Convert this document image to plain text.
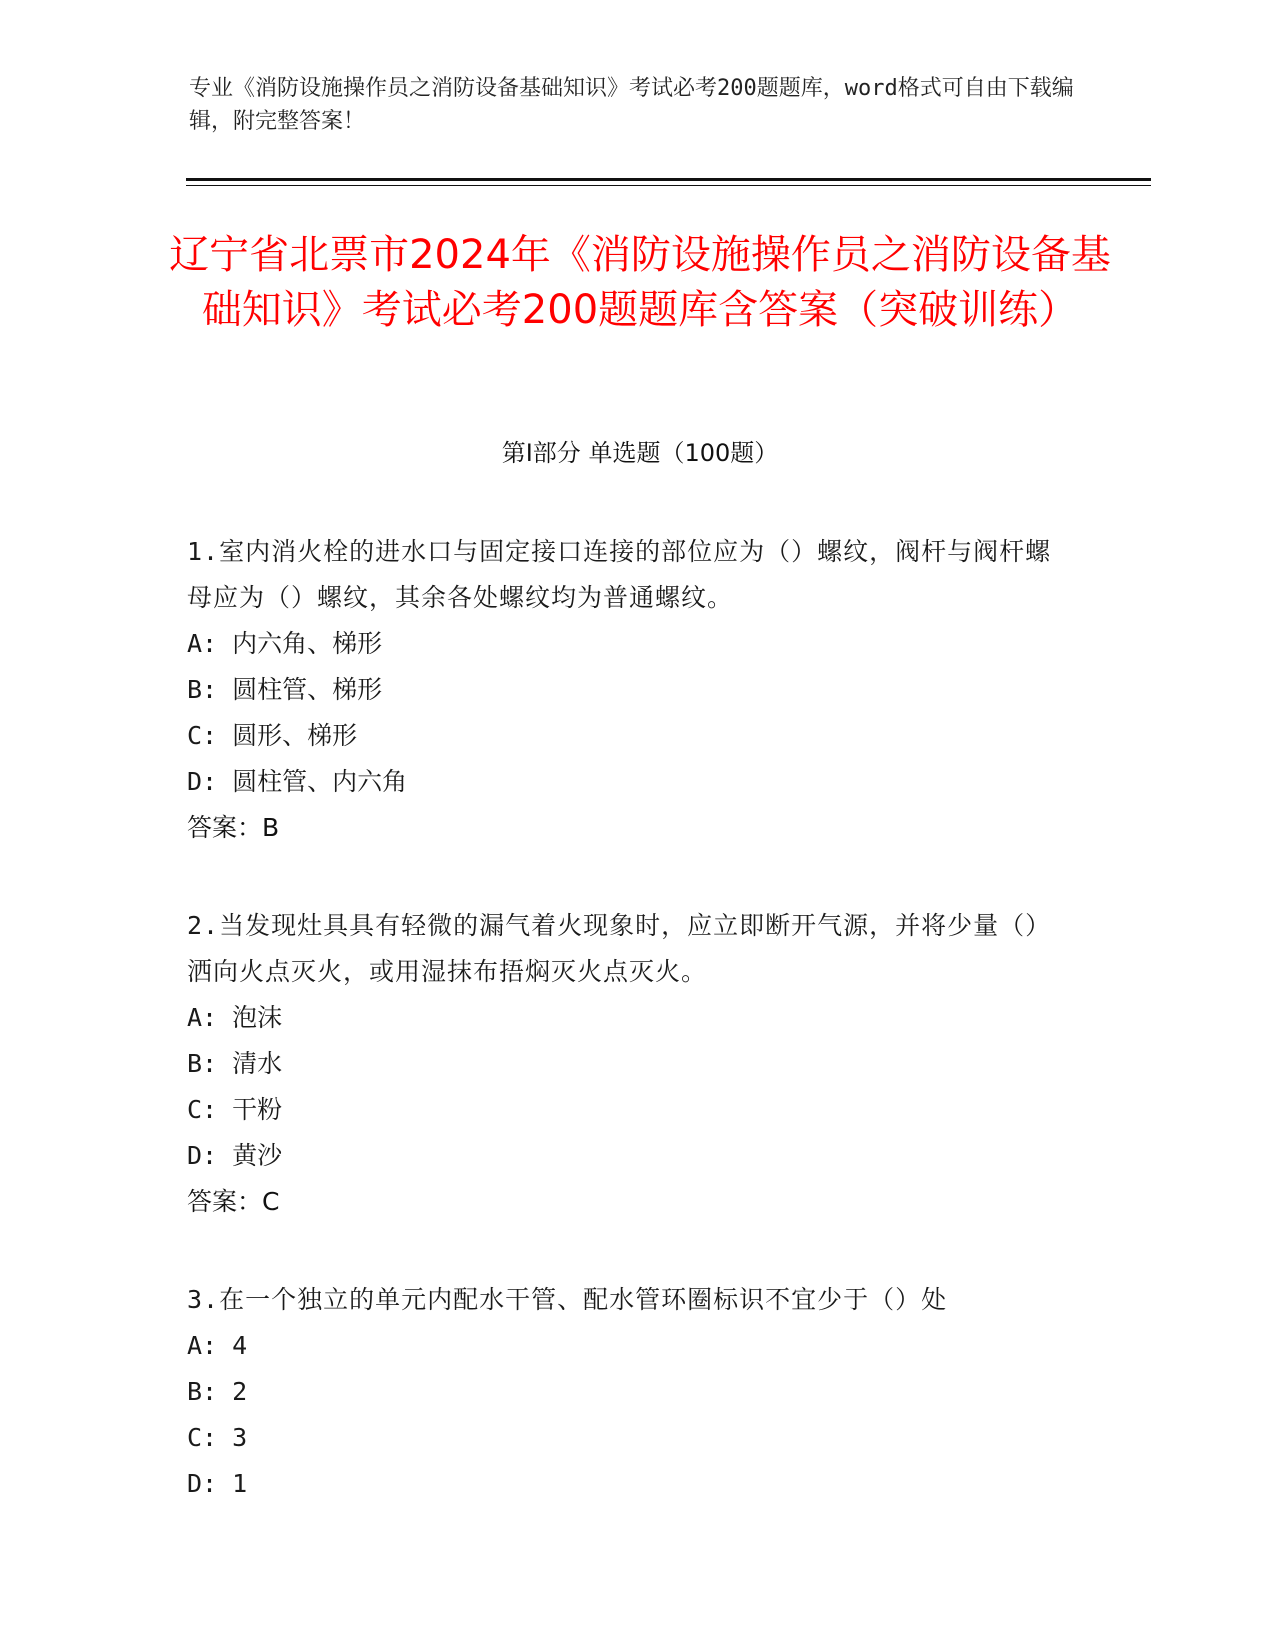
专业《消防设施操作员之消防设备基础知识》考试必考200题题库，word格式可自由下载编辑，附完整答案！
辽宁省北票市2024年《消防设施操作员之消防设备基础知识》考试必考200题题库含答案（突破训练）
第Ⅰ部分 单选题（100题）
1.室内消火栓的进水口与固定接口连接的部位应为（）螺纹，阀杆与阀杆螺母应为（）螺纹，其余各处螺纹均为普通螺纹。
A: 内六角、梯形
B: 圆柱管、梯形
C: 圆形、梯形
D: 圆柱管、内六角
答案：B
2.当发现灶具具有轻微的漏气着火现象时，应立即断开气源，并将少量（）洒向火点灭火，或用湿抹布捂焖灭火点灭火。
A: 泡沫
B: 清水
C: 干粉
D: 黄沙
答案：C
3.在一个独立的单元内配水干管、配水管环圈标识不宜少于（）处
A: 4
B: 2
C: 3
D: 1
